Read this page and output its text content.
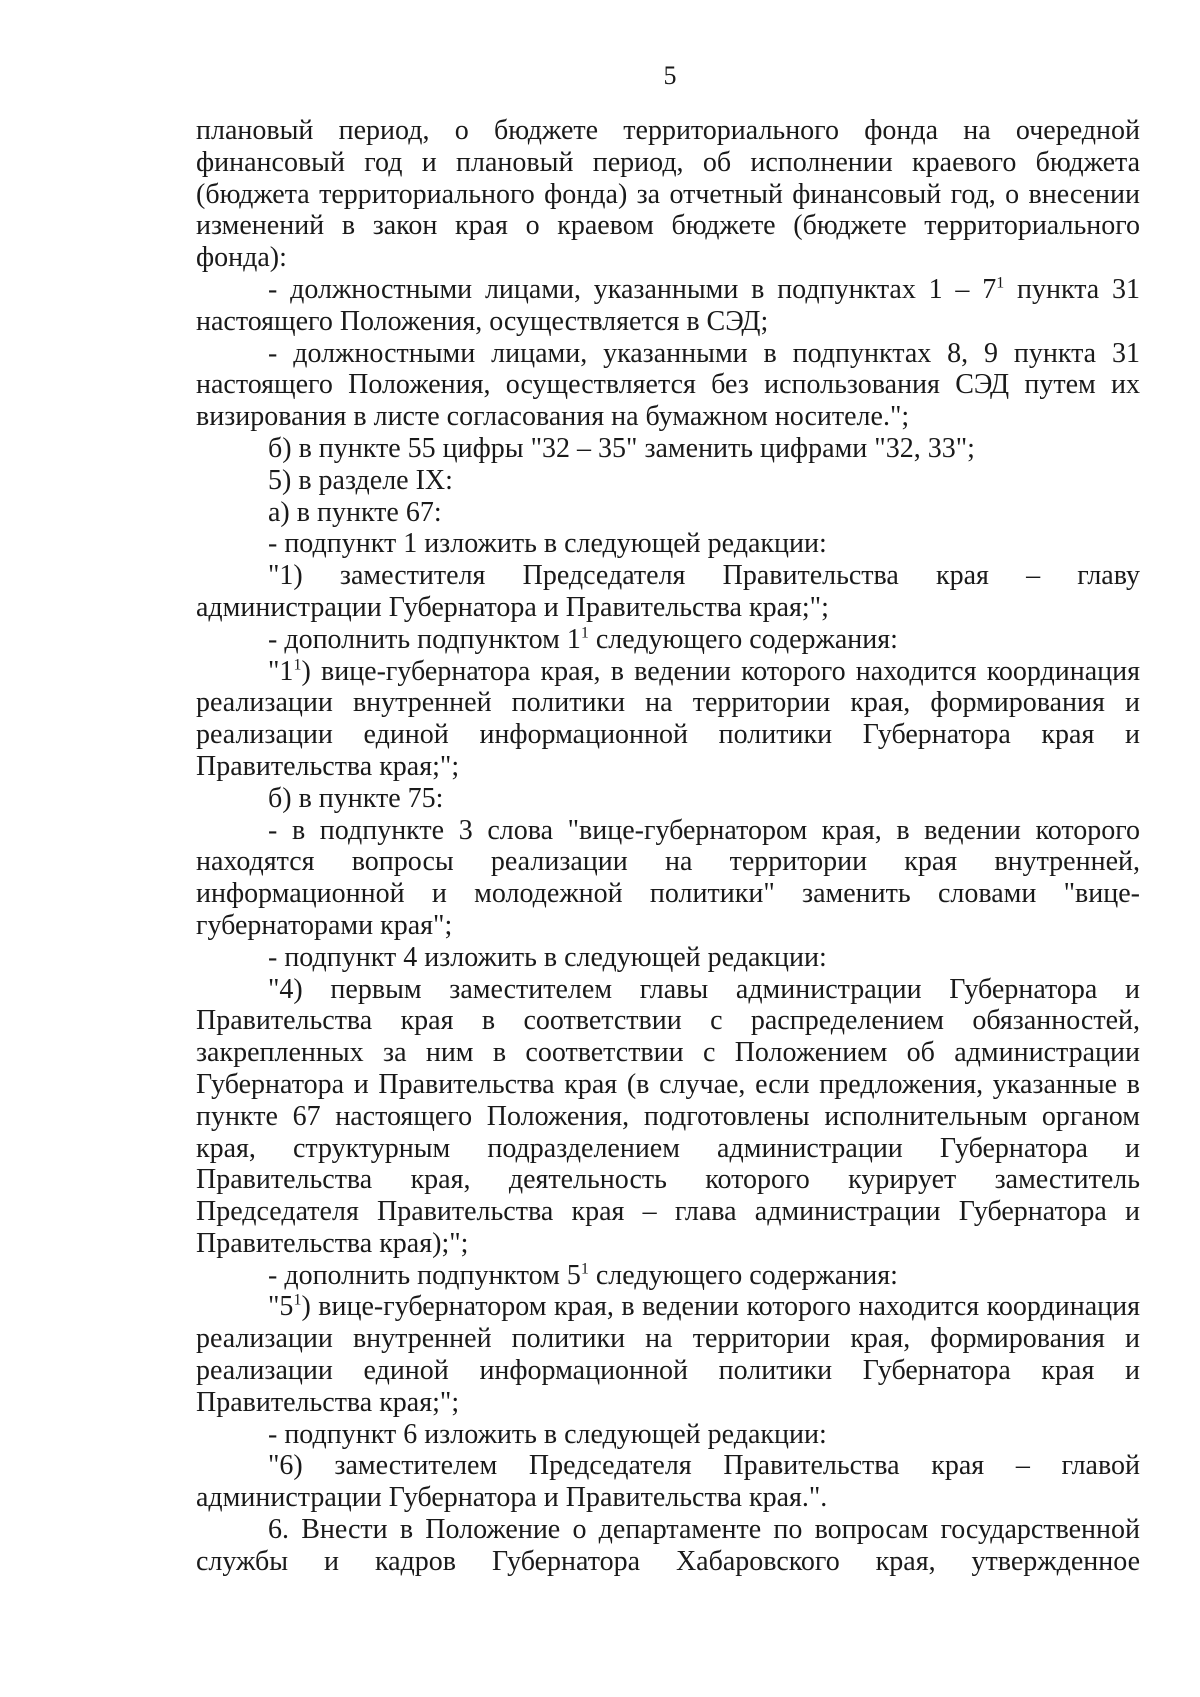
5

плановый период, о бюджете территориального фонда на очередной финансовый год и плановый период, об исполнении краевого бюджета (бюджета территориального фонда) за отчетный финансовый год, о внесении изменений в закон края о краевом бюджете (бюджете территориального фонда):

- должностными лицами, указанными в подпунктах $1 - 7^1$ пункта 31 настоящего Положения, осуществляется в СЭД;

- должностными лицами, указанными в подпунктах 8, 9 пункта 31 настоящего Положения, осуществляется без использования СЭД путем их визирования в листе согласования на бумажном носителе.";

б) в пункте 55 цифры "32 – 35" заменить цифрами "32, 33";

5) в разделе IX:

а) в пункте 67:

- подпункт 1 изложить в следующей редакции:

"1) заместителя Председателя Правительства края – главу администрации Губернатора и Правительства края;";

- дополнить подпунктом $1^1$ следующего содержания:

"$1^1$) вице-губернатора края, в ведении которого находится координация реализации внутренней политики на территории края, формирования и реализации единой информационной политики Губернатора края и Правительства края;";

б) в пункте 75:

- в подпункте 3 слова "вице-губернатором края, в ведении которого находятся вопросы реализации на территории края внутренней, информационной и молодежной политики" заменить словами "вице-губернаторами края";

- подпункт 4 изложить в следующей редакции:

"4) первым заместителем главы администрации Губернатора и Правительства края в соответствии с распределением обязанностей, закрепленных за ним в соответствии с Положением об администрации Губернатора и Правительства края (в случае, если предложения, указанные в пункте 67 настоящего Положения, подготовлены исполнительным органом края, структурным подразделением администрации Губернатора и Правительства края, деятельность которого курирует заместитель Председателя Правительства края – глава администрации Губернатора и Правительства края);";

- дополнить подпунктом $5^1$ следующего содержания:

"$5^1$) вице-губернатором края, в ведении которого находится координация реализации внутренней политики на территории края, формирования и реализации единой информационной политики Губернатора края и Правительства края;";

- подпункт 6 изложить в следующей редакции:

"6) заместителем Председателя Правительства края – главой администрации Губернатора и Правительства края.".

6. Внести в Положение о департаменте по вопросам государственной службы и кадров Губернатора Хабаровского края, утвержденное
